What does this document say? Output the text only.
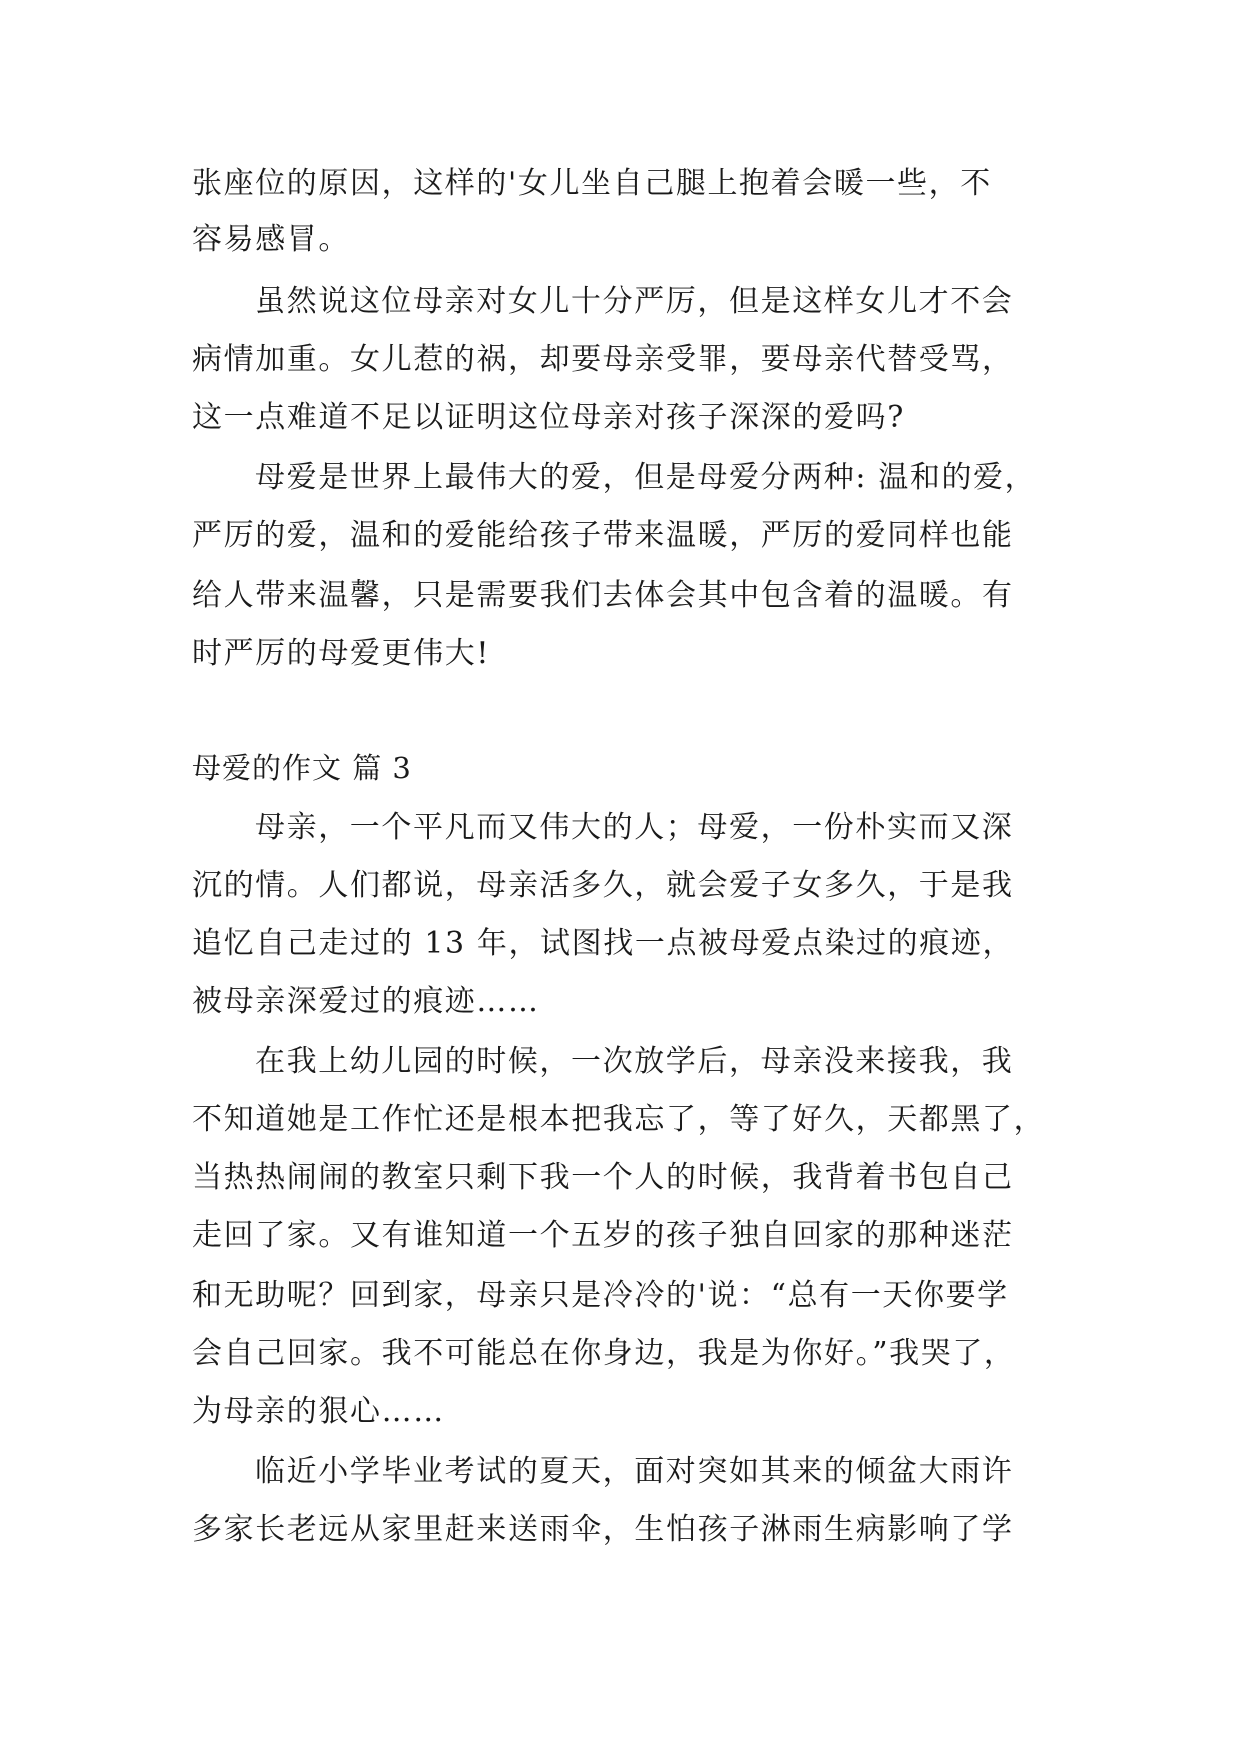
张座位的原因，这样的'女儿坐自己腿上抱着会暖一些，不
容易感冒。
虽然说这位母亲对女儿十分严厉，但是这样女儿才不会
病情加重。女儿惹的祸，却要母亲受罪，要母亲代替受骂，
这一点难道不足以证明这位母亲对孩子深深的爱吗?
母爱是世界上最伟大的爱，但是母爱分两种: 温和的爱，
严厉的爱，温和的爱能给孩子带来温暖，严厉的爱同样也能
给人带来温馨，只是需要我们去体会其中包含着的温暖。有
时严厉的母爱更伟大!
母爱的作文 篇 3
母亲，一个平凡而又伟大的人；母爱，一份朴实而又深
沉的情。人们都说，母亲活多久，就会爱子女多久，于是我
追忆自己走过的 13 年，试图找一点被母爱点染过的痕迹，
被母亲深爱过的痕迹……
在我上幼儿园的时候，一次放学后，母亲没来接我，我
不知道她是工作忙还是根本把我忘了，等了好久，天都黑了，
当热热闹闹的教室只剩下我一个人的时候，我背着书包自己
走回了家。又有谁知道一个五岁的孩子独自回家的那种迷茫
和无助呢？回到家，母亲只是冷冷的'说：“总有一天你要学
会自己回家。我不可能总在你身边，我是为你好。”我哭了，
为母亲的狠心……
临近小学毕业考试的夏天，面对突如其来的倾盆大雨许
多家长老远从家里赶来送雨伞，生怕孩子淋雨生病影响了学
